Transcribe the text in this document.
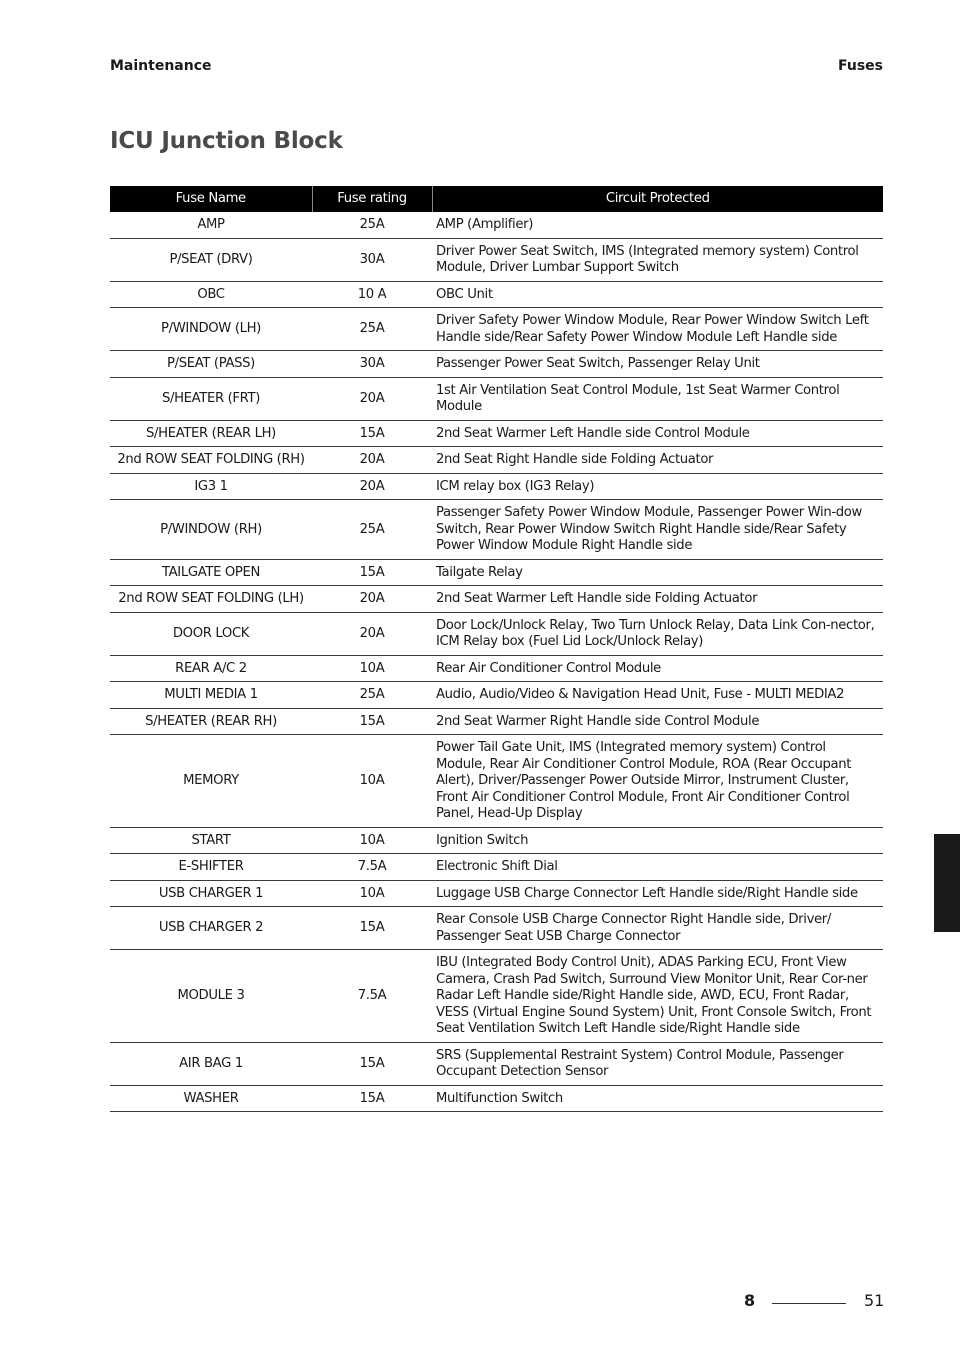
Maintenance	Fuses
ICU Junction Block
Fuse Name	Fuse rating	Circuit Protected
AMP	25A	AMP (Amplifier)
P/SEAT (DRV)	30A	Driver Power Seat Switch, IMS (Integrated memory system) Control Module, Driver Lumbar Support Switch
OBC	10 A	OBC Unit
P/WINDOW (LH)	25A	Driver Safety Power Window Module, Rear Power Window Switch Left Handle side/Rear Safety Power Window Module Left Handle side
P/SEAT (PASS)	30A	Passenger Power Seat Switch, Passenger Relay Unit
S/HEATER (FRT)	20A	1st Air Ventilation Seat Control Module, 1st Seat Warmer Control Module
S/HEATER (REAR LH)	15A	2nd Seat Warmer Left Handle side Control Module
2nd ROW SEAT FOLDING (RH)	20A	2nd Seat Right Handle side Folding Actuator
IG3 1	20A	ICM relay box (IG3 Relay)
P/WINDOW (RH)	25A	Passenger Safety Power Window Module, Passenger Power Win-dow Switch, Rear Power Window Switch Right Handle side/Rear Safety Power Window Module Right Handle side
TAILGATE OPEN	15A	Tailgate Relay
2nd ROW SEAT FOLDING (LH)	20A	2nd Seat Warmer Left Handle side Folding Actuator
DOOR LOCK	20A	Door Lock/Unlock Relay, Two Turn Unlock Relay, Data Link Con-nector, ICM Relay box (Fuel Lid Lock/Unlock Relay)
REAR A/C 2	10A	Rear Air Conditioner Control Module
MULTI MEDIA 1	25A	Audio, Audio/Video & Navigation Head Unit, Fuse - MULTI MEDIA2
S/HEATER (REAR RH)	15A	2nd Seat Warmer Right Handle side Control Module
MEMORY	10A	Power Tail Gate Unit, IMS (Integrated memory system) Control Module, Rear Air Conditioner Control Module, ROA (Rear Occupant Alert), Driver/Passenger Power Outside Mirror, Instrument Cluster, Front Air Conditioner Control Module, Front Air Conditioner Control Panel, Head-Up Display
START	10A	Ignition Switch
E-SHIFTER	7.5A	Electronic Shift Dial
USB CHARGER 1	10A	Luggage USB Charge Connector Left Handle side/Right Handle side
USB CHARGER 2	15A	Rear Console USB Charge Connector Right Handle side, Driver/ Passenger Seat USB Charge Connector
MODULE 3	7.5A	IBU (Integrated Body Control Unit), ADAS Parking ECU, Front View Camera, Crash Pad Switch, Surround View Monitor Unit, Rear Cor-ner Radar Left Handle side/Right Handle side, AWD, ECU, Front Radar, VESS (Virtual Engine Sound System) Unit, Front Console Switch, Front Seat Ventilation Switch Left Handle side/Right Handle side
AIR BAG 1	15A	SRS (Supplemental Restraint System) Control Module, Passenger Occupant Detection Sensor
WASHER	15A	Multifunction Switch
8
8	51
